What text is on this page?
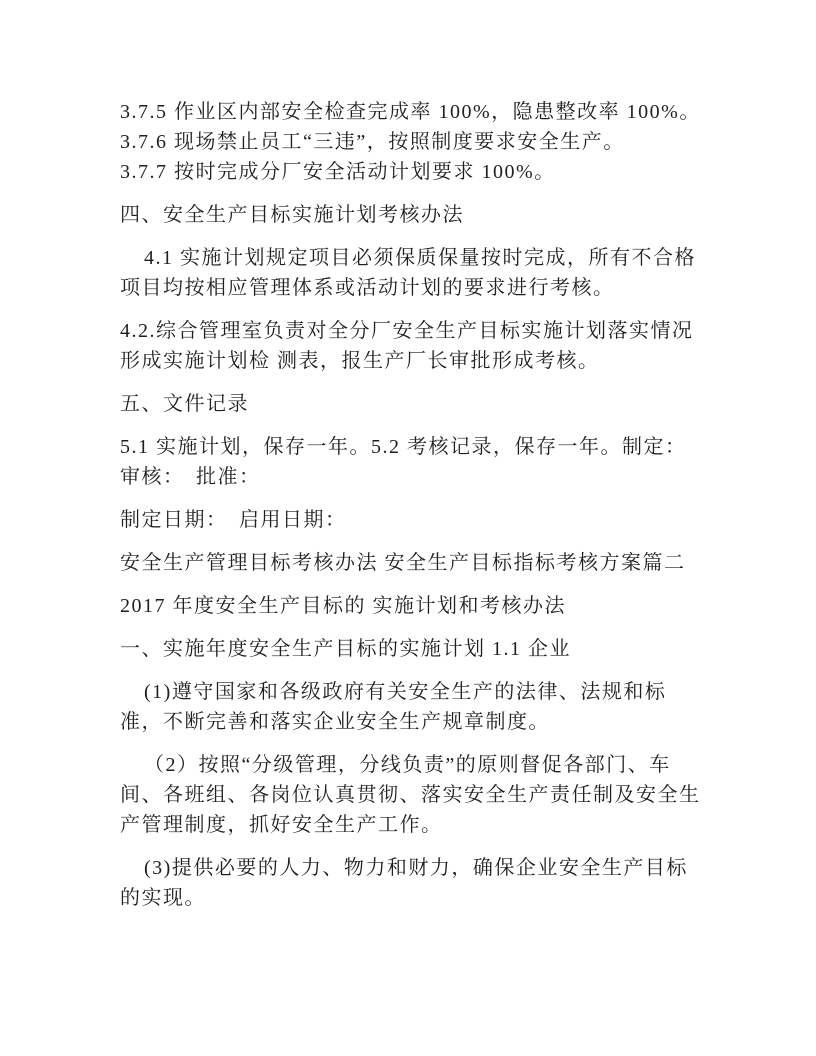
3.7.5 作业区内部安全检查完成率 100%，隐患整改率 100%。
3.7.6 现场禁止员工“三违”，按照制度要求安全生产。
3.7.7 按时完成分厂安全活动计划要求 100%。
四、安全生产目标实施计划考核办法
4.1 实施计划规定项目必须保质保量按时完成，所有不合格
项目均按相应管理体系或活动计划的要求进行考核。
4.2.综合管理室负责对全分厂安全生产目标实施计划落实情况
形成实施计划检 测表，报生产厂长审批形成考核。
五、文件记录
5.1 实施计划，保存一年。5.2 考核记录，保存一年。制定：
审核：　批准：
制定日期：　启用日期：
安全生产管理目标考核办法 安全生产目标指标考核方案篇二
2017 年度安全生产目标的 实施计划和考核办法
一、实施年度安全生产目标的实施计划 1.1 企业
(1)遵守国家和各级政府有关安全生产的法律、法规和标
准，不断完善和落实企业安全生产规章制度。
（2）按照“分级管理，分线负责”的原则督促各部门、车
间、各班组、各岗位认真贯彻、落实安全生产责任制及安全生
产管理制度，抓好安全生产工作。
(3)提供必要的人力、物力和财力，确保企业安全生产目标
的实现。
